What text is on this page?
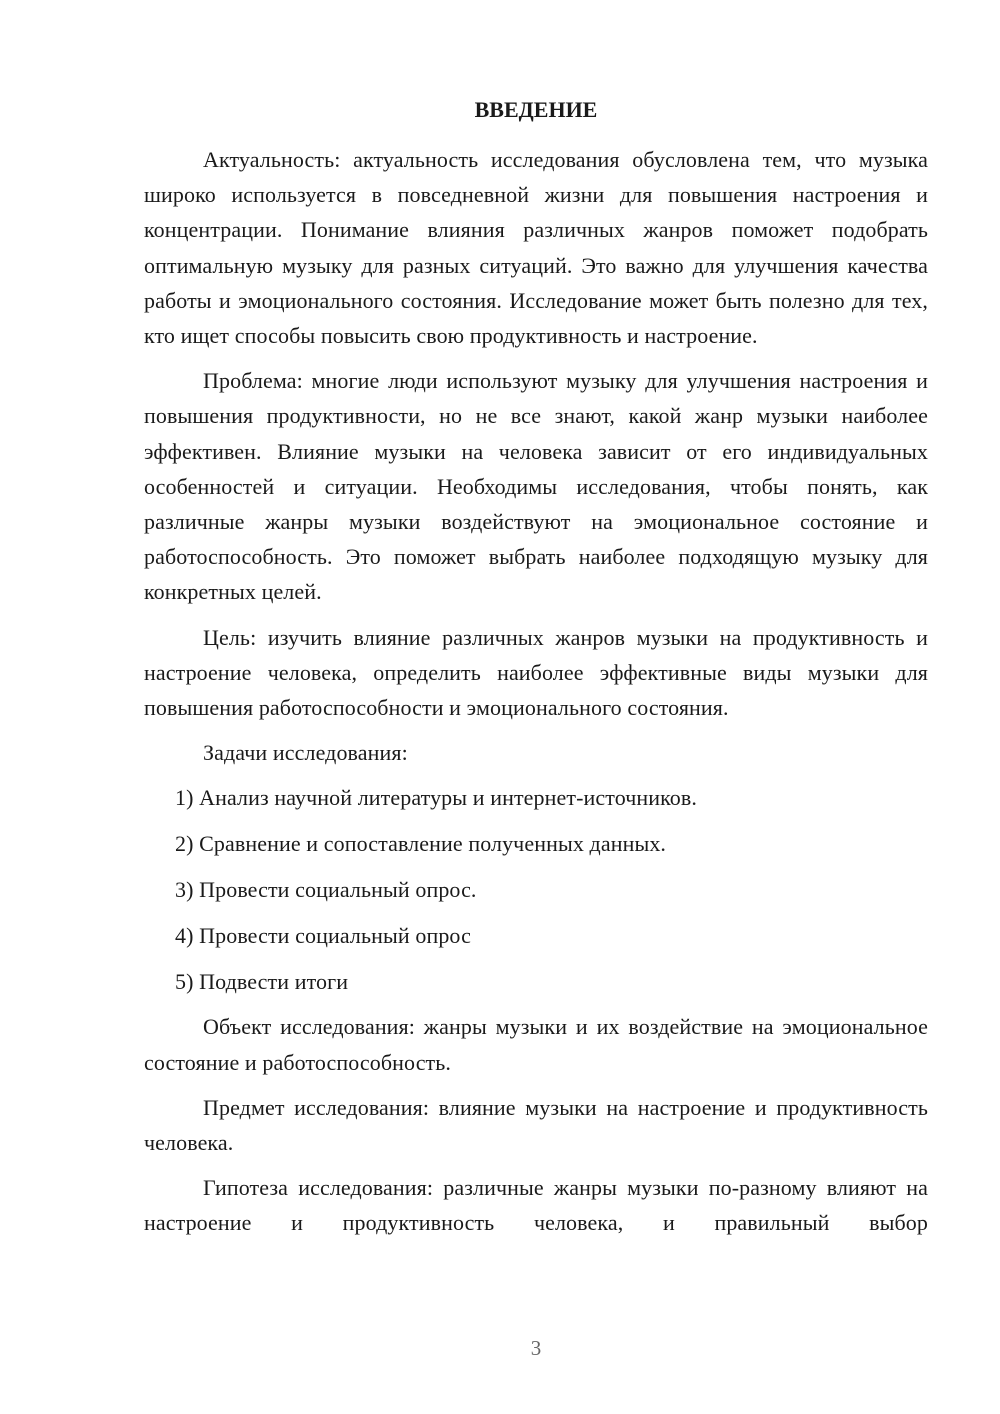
ВВЕДЕНИЕ

Актуальность: актуальность исследования обусловлена тем, что музыка широко используется в повседневной жизни для повышения настроения и концентрации. Понимание влияния различных жанров поможет подобрать оптимальную музыку для разных ситуаций. Это важно для улучшения качества работы и эмоционального состояния. Исследование может быть полезно для тех, кто ищет способы повысить свою продуктивность и настроение.

Проблема: многие люди используют музыку для улучшения настроения и повышения продуктивности, но не все знают, какой жанр музыки наиболее эффективен. Влияние музыки на человека зависит от его индивидуальных особенностей и ситуации. Необходимы исследования, чтобы понять, как различные жанры музыки воздействуют на эмоциональное состояние и работоспособность. Это поможет выбрать наиболее подходящую музыку для конкретных целей.

Цель: изучить влияние различных жанров музыки на продуктивность и настроение человека, определить наиболее эффективные виды музыки для повышения работоспособности и эмоционального состояния.

Задачи исследования:

1) Анализ научной литературы и интернет-источников.
2) Сравнение и сопоставление полученных данных.
3) Провести социальный опрос.
4) Провести социальный опрос
5) Подвести итоги

Объект исследования: жанры музыки и их воздействие на эмоциональное состояние и работоспособность.

Предмет исследования: влияние музыки на настроение и продуктивность человека.

Гипотеза исследования: различные жанры музыки по-разному влияют на настроение и продуктивность человека, и правильный выбор

3
